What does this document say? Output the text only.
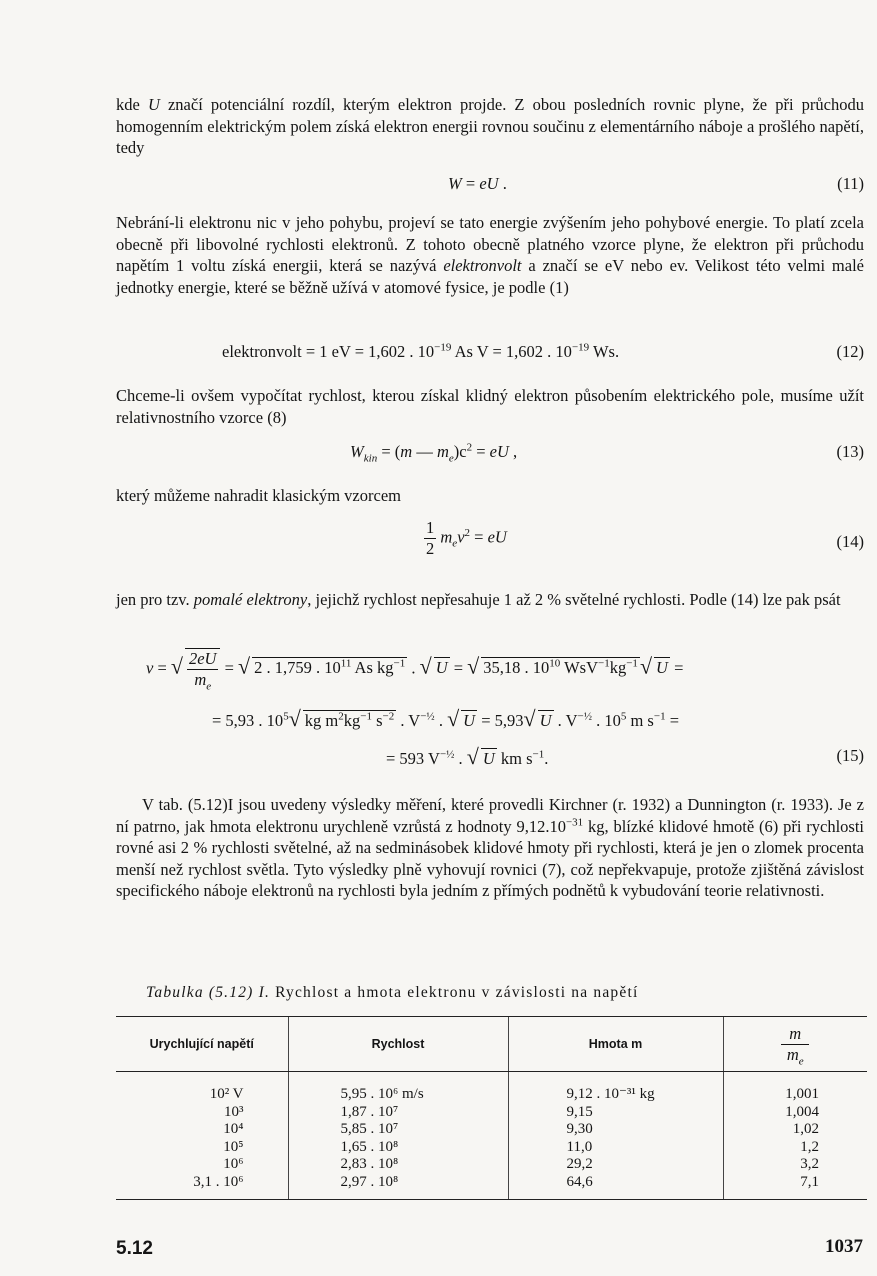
kde U značí potenciální rozdíl, kterým elektron projde. Z obou posledních rovnic plyne, že při průchodu homogenním elektrickým polem získá elektron energii rovnou součinu z elementárního náboje a prošlého napětí, tedy

W = eU .	(11)

Nebrání-li elektronu nic v jeho pohybu, projeví se tato energie zvýšením jeho pohybové energie. To platí zcela obecně při libovolné rychlosti elektronů. Z tohoto obecně platného vzorce plyne, že elektron při průchodu napětím 1 voltu získá energii, která se nazývá elektronvolt a značí se eV nebo ev. Velikost této velmi malé jednotky energie, které se běžně užívá v atomové fysice, je podle (1)

elektronvolt = 1 eV = 1,602 . $10^{-19}$ As V = 1,602 . $10^{-19}$ Ws.	(12)

Chceme-li ovšem vypočítat rychlost, kterou získal klidný elektron působením elektrického pole, musíme užít relativnostního vzorce (8)

$W_{kin} = (m$ — $m_e)c^2$ = eU ,	(13)

který můžeme nahradit klasickým vzorcem

$\frac{1}{2} m_ev^2$ = eU	(14)

jen pro tzv. pomalé elektrony, jejichž rychlost nepřesahuje 1 až 2 % světelné rychlosti. Podle (14) lze pak psát

v = √ $\frac{2eU}{m_e}$ = √ 2 . 1,759 . $10^{11}$ As $kg^{-1}$ . √ U = √ 35,18 . $10^{10}$ $WsV^{-1}kg^{-1}√$ U =
= 5,93 . $10^5√$ kg $m^2kg^{-1}$ $s^{-2}$ . $V^{-\frac{1}{2}}$ . √ U = 5,93√ U . $V^{-\frac{1}{2}}$ . $10^5$ m $s^{-1}$ =
= 593 $V^{-\frac{1}{2}}$ . √ U km $s^{-1}$.	(15)

V tab. (5.12)I jsou uvedeny výsledky měření, které provedli Kirchner (r. 1932) a Dunnington (r. 1933). Je z ní patrno, jak hmota elektronu urychleně vzrůstá z hodnoty $9,12.10^{-31}$ kg, blízké klidové hmotě (6) při rychlosti rovné asi 2 % rychlosti světelné, až na sedminásobek klidové hmoty při rychlosti, která je jen o zlomek procenta menší než rychlost světla. Tyto výsledky plně vyhovují rovnici (7), což nepřekvapuje, protože zjištěná závislost specifického náboje elektronů na rychlosti byla jedním z přímých podnětů k vybudování teorie relativnosti.

Tabulka (5.12) I. Rychlost a hmota elektronu v závislosti na napětí
Urychlující napětí	Rychlost	Hmota m	$\frac{m}{m_e}$

10² V	5,95 . 10⁶ m/s	9,12 . 10⁻³¹ kg	1,001
10³	1,87 . 10⁷	9,15	1,004
10⁴	5,85 . 10⁷	9,30	1,02
10⁵	1,65 . 10⁸	11,0	1,2
10⁶	2,83 . 10⁸	29,2	3,2
3,1 . 10⁶	2,97 . 10⁸	64,6	7,1

5.12	1037
